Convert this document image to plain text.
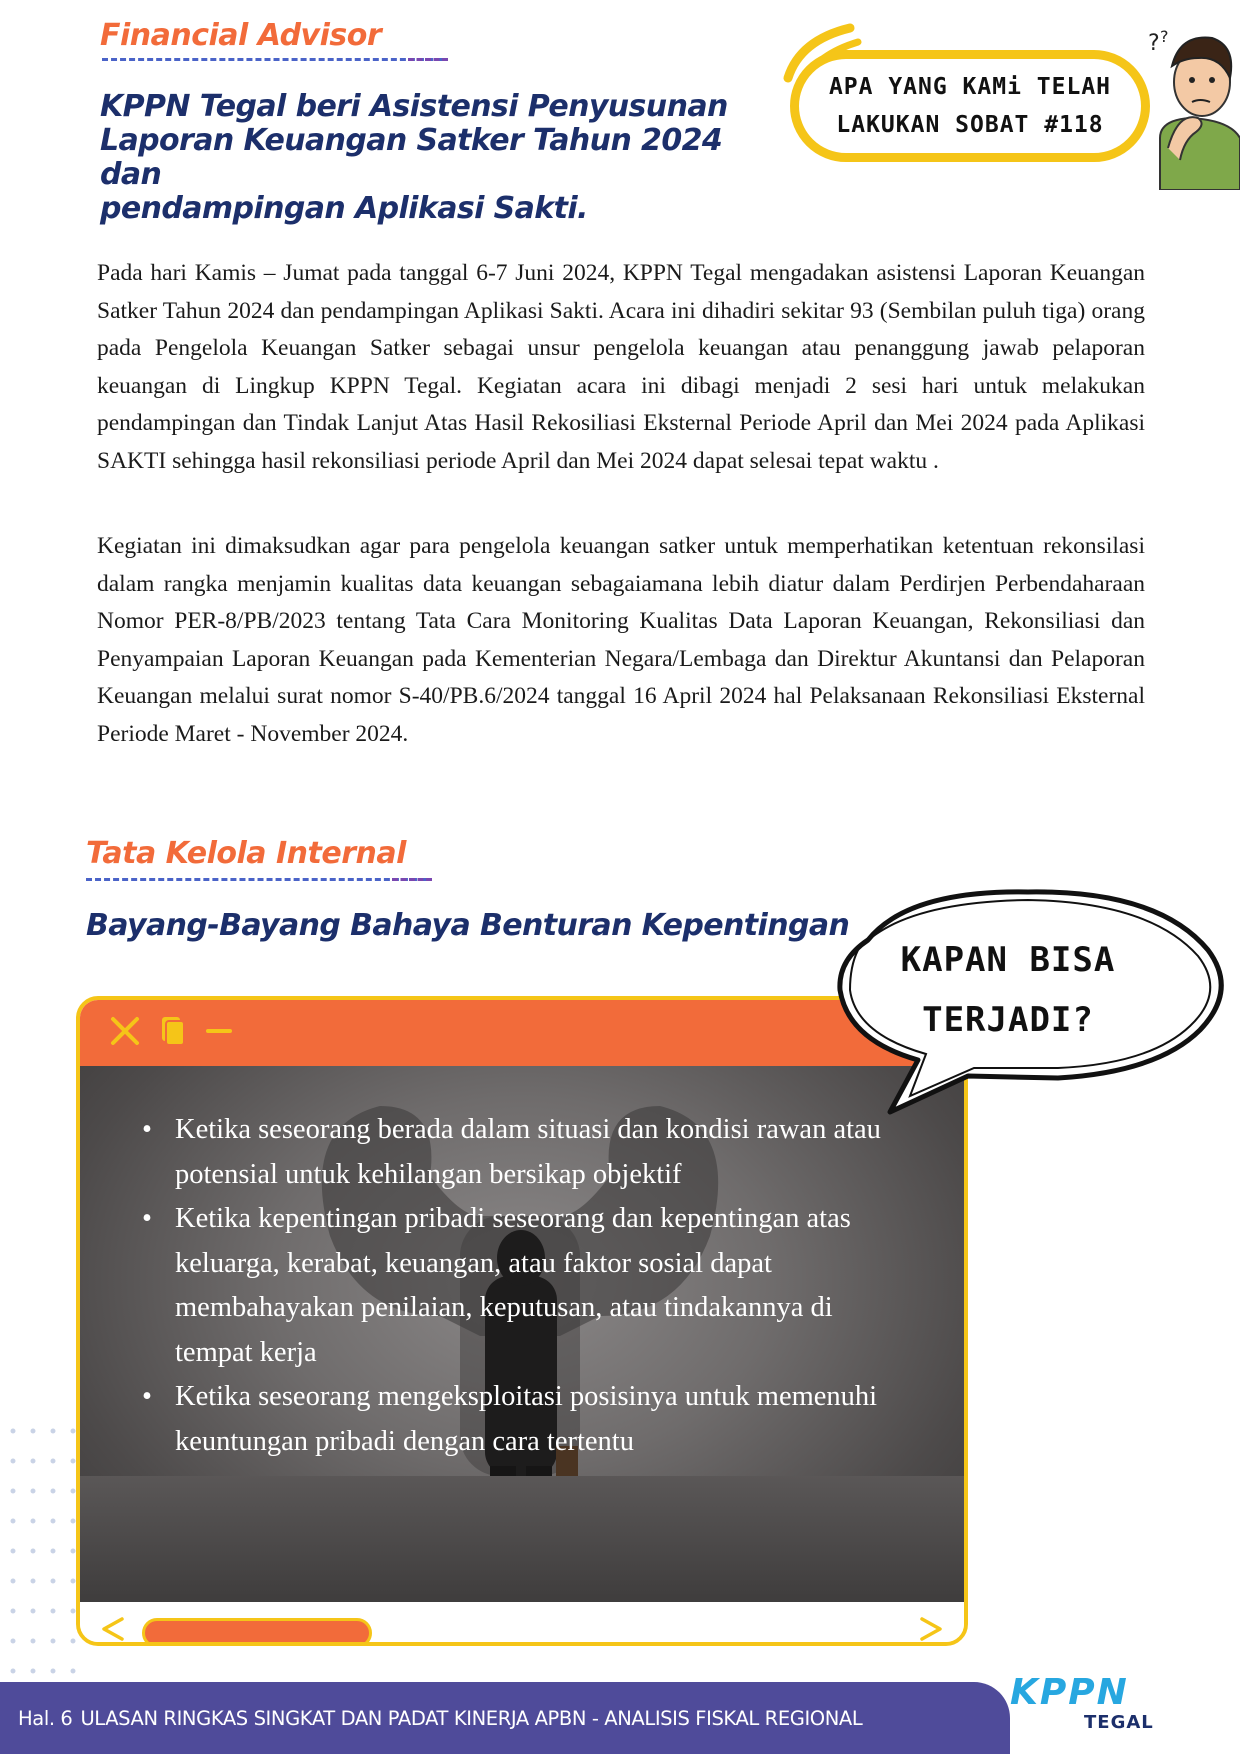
Financial Advisor
KPPN Tegal beri Asistensi Penyusunan
Laporan Keuangan Satker Tahun 2024 dan
pendampingan Aplikasi Sakti.
APA YANG KAMi TELAH
LAKUKAN SOBAT #118
? ?

Pada hari Kamis – Jumat pada tanggal 6-7 Juni 2024, KPPN Tegal mengadakan asistensi Laporan Keuangan Satker Tahun 2024 dan pendampingan Aplikasi Sakti. Acara ini dihadiri sekitar 93 (Sembilan puluh tiga) orang pada Pengelola Keuangan Satker sebagai unsur pengelola keuangan atau penanggung jawab pelaporan keuangan di Lingkup KPPN Tegal. Kegiatan acara ini dibagi menjadi 2 sesi hari untuk melakukan pendampingan dan Tindak Lanjut Atas Hasil Rekosiliasi Eksternal Periode April dan Mei 2024 pada Aplikasi SAKTI sehingga hasil rekonsiliasi periode April dan Mei 2024 dapat selesai tepat waktu .

Kegiatan ini dimaksudkan agar para pengelola keuangan satker untuk memperhatikan ketentuan rekonsilasi dalam rangka menjamin kualitas data keuangan sebagaiamana lebih diatur dalam Perdirjen Perbendaharaan Nomor PER-8/PB/2023 tentang Tata Cara Monitoring Kualitas Data Laporan Keuangan, Rekonsiliasi dan Penyampaian Laporan Keuangan pada Kementerian Negara/Lembaga dan Direktur Akuntansi dan Pelaporan Keuangan melalui surat nomor S-40/PB.6/2024 tanggal 16 April 2024 hal Pelaksanaan Rekonsiliasi Eksternal Periode Maret - November 2024.

Tata Kelola Internal
Bayang-Bayang Bahaya Benturan Kepentingan
• Ketika seseorang berada dalam situasi dan kondisi rawan atau potensial untuk kehilangan bersikap objektif
• Ketika kepentingan pribadi seseorang dan kepentingan atas keluarga, kerabat, keuangan, atau faktor sosial dapat membahayakan penilaian, keputusan, atau tindakannya di tempat kerja
• Ketika seseorang mengeksploitasi posisinya untuk memenuhi keuntungan pribadi dengan cara tertentu
KAPAN BISA
TERJADI?
Hal. 6 ULASAN RINGKAS SINGKAT DAN PADAT KINERJA APBN - ANALISIS FISKAL REGIONAL
KPPN
TEGAL
